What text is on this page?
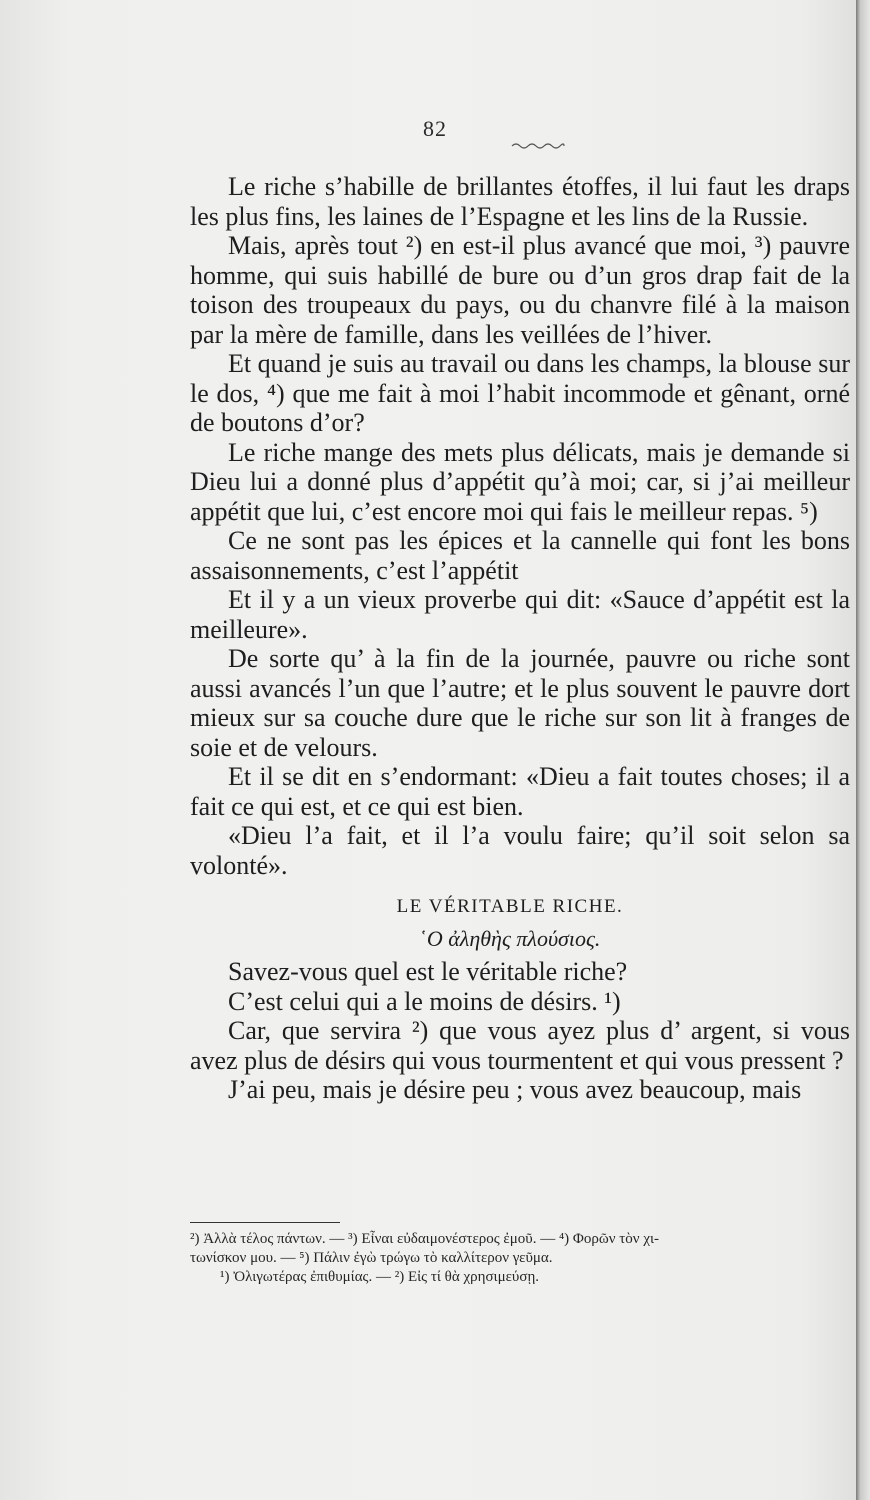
82

Le riche s’habille de brillantes étoffes, il lui faut les draps les plus fins, les laines de l’Espagne et les lins de la Russie.

Mais, après tout ²) en est-il plus avancé que moi, ³) pauvre homme, qui suis habillé de bure ou d’un gros drap fait de la toison des troupeaux du pays, ou du chanvre filé à la maison par la mère de famille, dans les veillées de l’hiver.

Et quand je suis au travail ou dans les champs, la blouse sur le dos, ⁴) que me fait à moi l’habit incommode et gênant, orné de boutons d’or?

Le riche mange des mets plus délicats, mais je demande si Dieu lui a donné plus d’appétit qu’à moi; car, si j’ai meilleur appétit que lui, c’est encore moi qui fais le meilleur repas. ⁵)

Ce ne sont pas les épices et la cannelle qui font les bons assaisonnements, c’est l’appétit

Et il y a un vieux proverbe qui dit: «Sauce d’appétit est la meilleure».

De sorte qu’ à la fin de la journée, pauvre ou riche sont aussi avancés l’un que l’autre; et le plus souvent le pauvre dort mieux sur sa couche dure que le riche sur son lit à franges de soie et de velours.

Et il se dit en s’endormant: «Dieu a fait toutes choses; il a fait ce qui est, et ce qui est bien.

«Dieu l’a fait, et il l’a voulu faire; qu’il soit selon sa volonté».

LE VÉRITABLE RICHE.

῾Ο ἀληθὴς πλούσιος.

Savez-vous quel est le véritable riche?

C’est celui qui a le moins de désirs. ¹)

Car, que servira ²) que vous ayez plus d’ argent, si vous avez plus de désirs qui vous tourmentent et qui vous pressent ?

J’ai peu, mais je désire peu ; vous avez beaucoup, mais

²) Ἀλλὰ τέλος πάντων. — ³) Εἶναι εὐδαιμονέστερος ἐμοῦ. — ⁴) Φορῶν τὸν χι-
τωνίσκον μου. — ⁵) Πάλιν ἐγὼ τρώγω τὸ καλλίτερον γεῦμα.
¹) Ὀλιγωτέρας ἐπιθυμίας. — ²) Εἰς τί θὰ χρησιμεύσῃ.
